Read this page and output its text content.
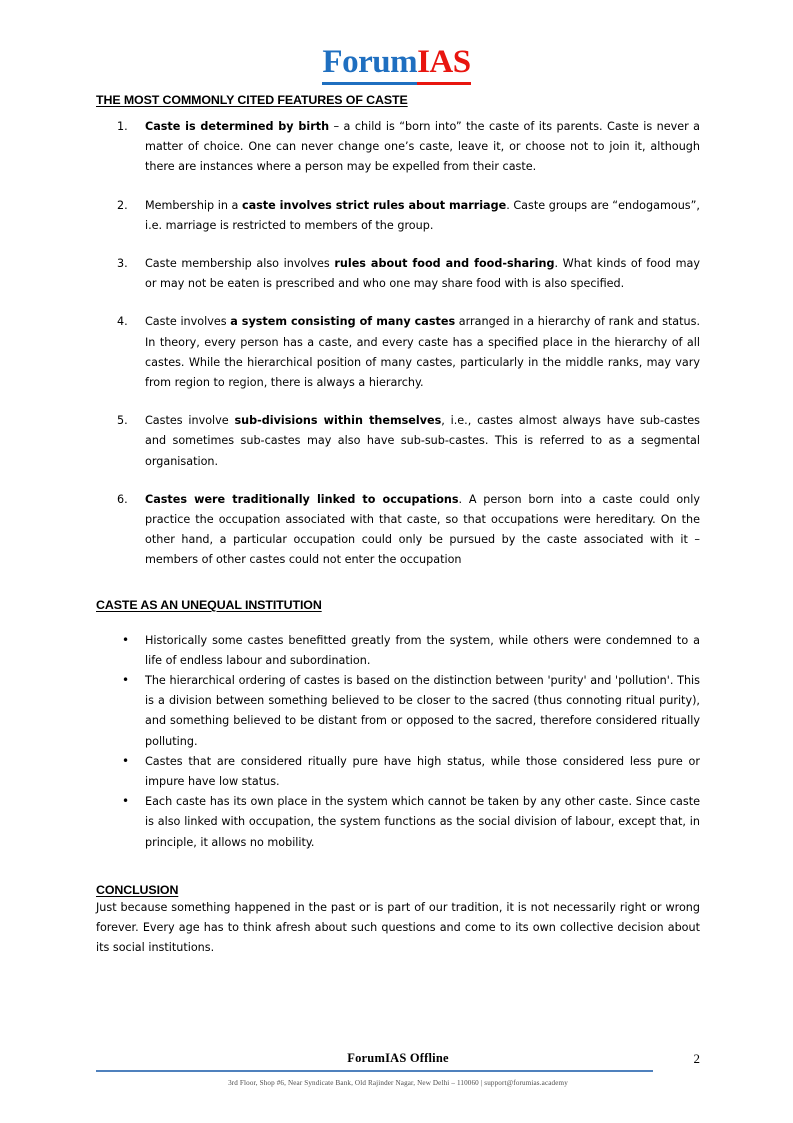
ForumIAS
THE MOST COMMONLY CITED FEATURES OF CASTE
Caste is determined by birth – a child is “born into” the caste of its parents. Caste is never a matter of choice. One can never change one’s caste, leave it, or choose not to join it, although there are instances where a person may be expelled from their caste.
Membership in a caste involves strict rules about marriage. Caste groups are “endogamous”, i.e. marriage is restricted to members of the group.
Caste membership also involves rules about food and food-sharing. What kinds of food may or may not be eaten is prescribed and who one may share food with is also specified.
Caste involves a system consisting of many castes arranged in a hierarchy of rank and status. In theory, every person has a caste, and every caste has a specified place in the hierarchy of all castes. While the hierarchical position of many castes, particularly in the middle ranks, may vary from region to region, there is always a hierarchy.
Castes involve sub-divisions within themselves, i.e., castes almost always have sub-castes and sometimes sub-castes may also have sub-sub-castes. This is referred to as a segmental organisation.
Castes were traditionally linked to occupations. A person born into a caste could only practice the occupation associated with that caste, so that occupations were hereditary. On the other hand, a particular occupation could only be pursued by the caste associated with it – members of other castes could not enter the occupation
CASTE AS AN UNEQUAL INSTITUTION
• Historically some castes benefitted greatly from the system, while others were condemned to a life of endless labour and subordination.
• The hierarchical ordering of castes is based on the distinction between 'purity' and 'pollution'. This is a division between something believed to be closer to the sacred (thus connoting ritual purity), and something believed to be distant from or opposed to the sacred, therefore considered ritually polluting.
• Castes that are considered ritually pure have high status, while those considered less pure or impure have low status.
• Each caste has its own place in the system which cannot be taken by any other caste. Since caste is also linked with occupation, the system functions as the social division of labour, except that, in principle, it allows no mobility.
CONCLUSION

Just because something happened in the past or is part of our tradition, it is not necessarily right or wrong forever. Every age has to think afresh about such questions and come to its own collective decision about its social institutions.

ForumIAS Offline	2
3rd Floor, Shop #6, Near Syndicate Bank, Old Rajinder Nagar, New Delhi – 110060 | support@forumias.academy
